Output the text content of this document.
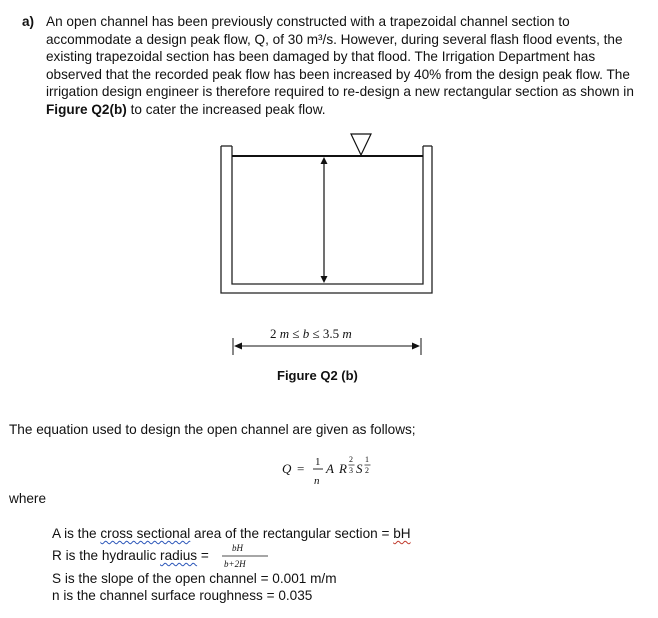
a) An open channel has been previously constructed with a trapezoidal channel section to accommodate a design peak flow, Q, of 30 m³/s. However, during several flash flood events, the existing trapezoidal section has been damaged by that flood. The Irrigation Department has observed that the recorded peak flow has been increased by 40% from the design peak flow. The irrigation design engineer is therefore required to re-design a new rectangular section as shown in Figure Q2(b) to cater the increased peak flow.
2 m ≤ b ≤ 3.5 m
Figure Q2 (b)
The equation used to design the open channel are given as follows;
Q = 1
n
A R
2
3 S
1
2
where
A is the cross sectional area of the rectangular section = bH
R is the hydraulic radius =	bH
b+2H
S is the slope of the open channel = 0.001 m/m
n is the channel surface roughness = 0.035
